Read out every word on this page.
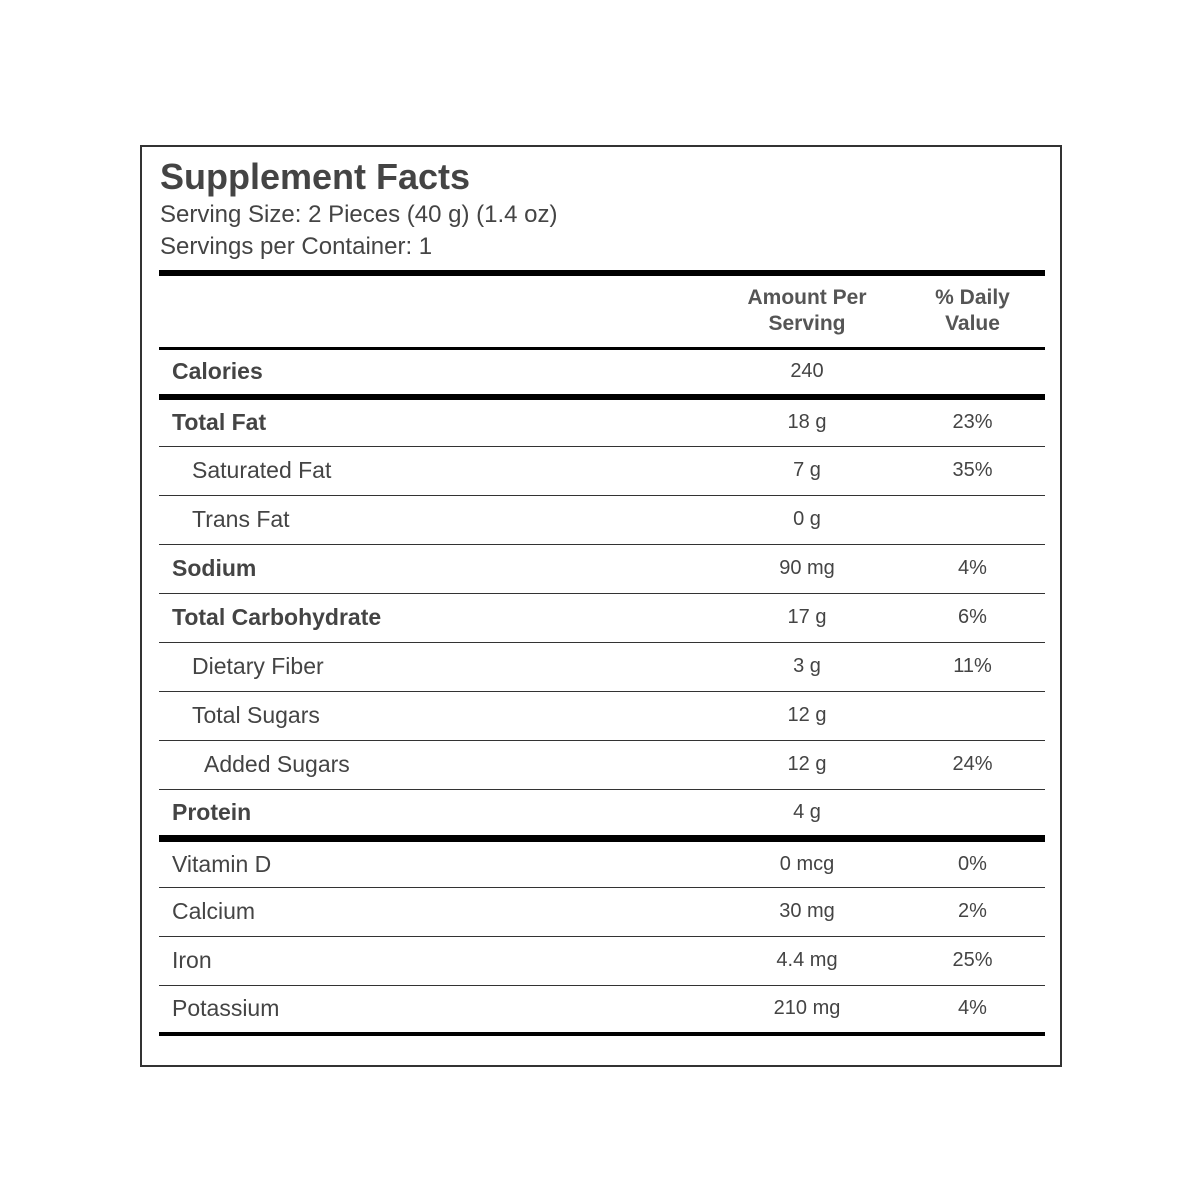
Supplement Facts
Serving Size: 2 Pieces (40 g) (1.4 oz)
Servings per Container: 1
	Amount Per
Serving	% Daily
Value
Calories	240	
Total Fat	18 g	23%
Saturated Fat	7 g	35%
Trans Fat	0 g	
Sodium	90 mg	4%
Total Carbohydrate	17 g	6%
Dietary Fiber	3 g	11%
Total Sugars	12 g	
Added Sugars	12 g	24%
Protein	4 g	
Vitamin D	0 mcg	0%
Calcium	30 mg	2%
Iron	4.4 mg	25%
Potassium	210 mg	4%
